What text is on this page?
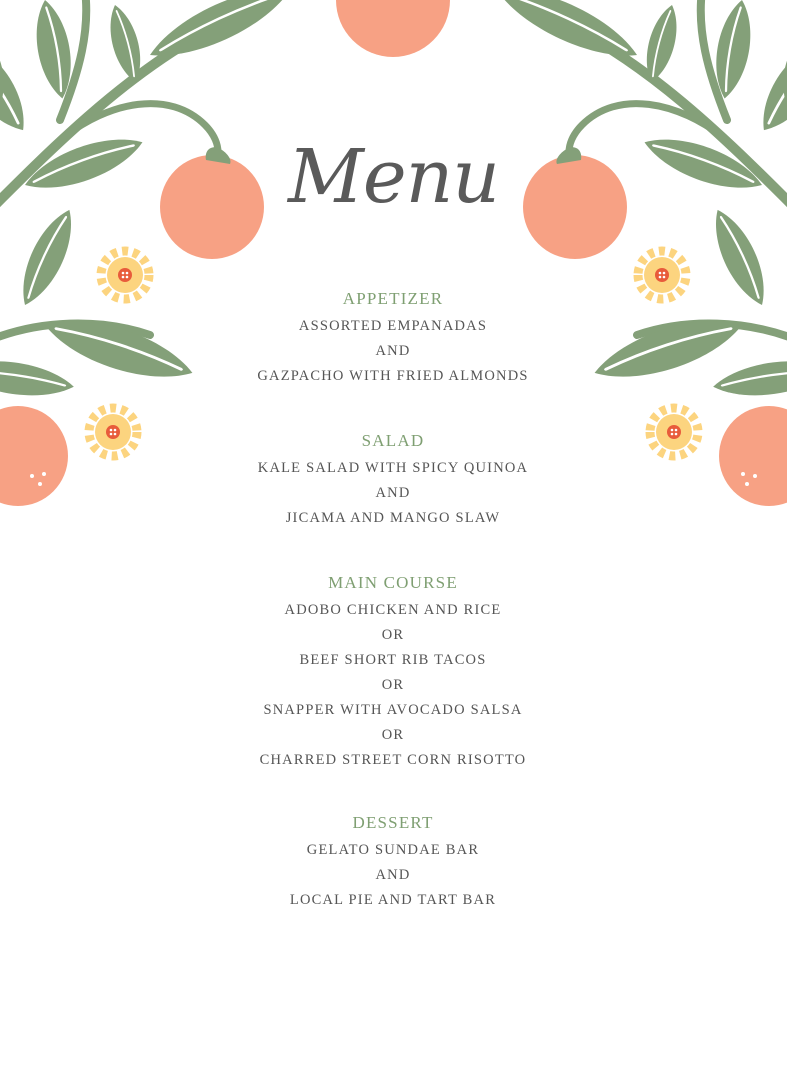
Menu
APPETIZER
ASSORTED EMPANADAS
AND
GAZPACHO WITH FRIED ALMONDS
SALAD
KALE SALAD WITH SPICY QUINOA
AND
JICAMA AND MANGO SLAW
MAIN COURSE
ADOBO CHICKEN AND RICE
OR
BEEF SHORT RIB TACOS
OR
SNAPPER WITH AVOCADO SALSA
OR
CHARRED STREET CORN RISOTTO
DESSERT
GELATO SUNDAE BAR
AND
LOCAL PIE AND TART BAR
